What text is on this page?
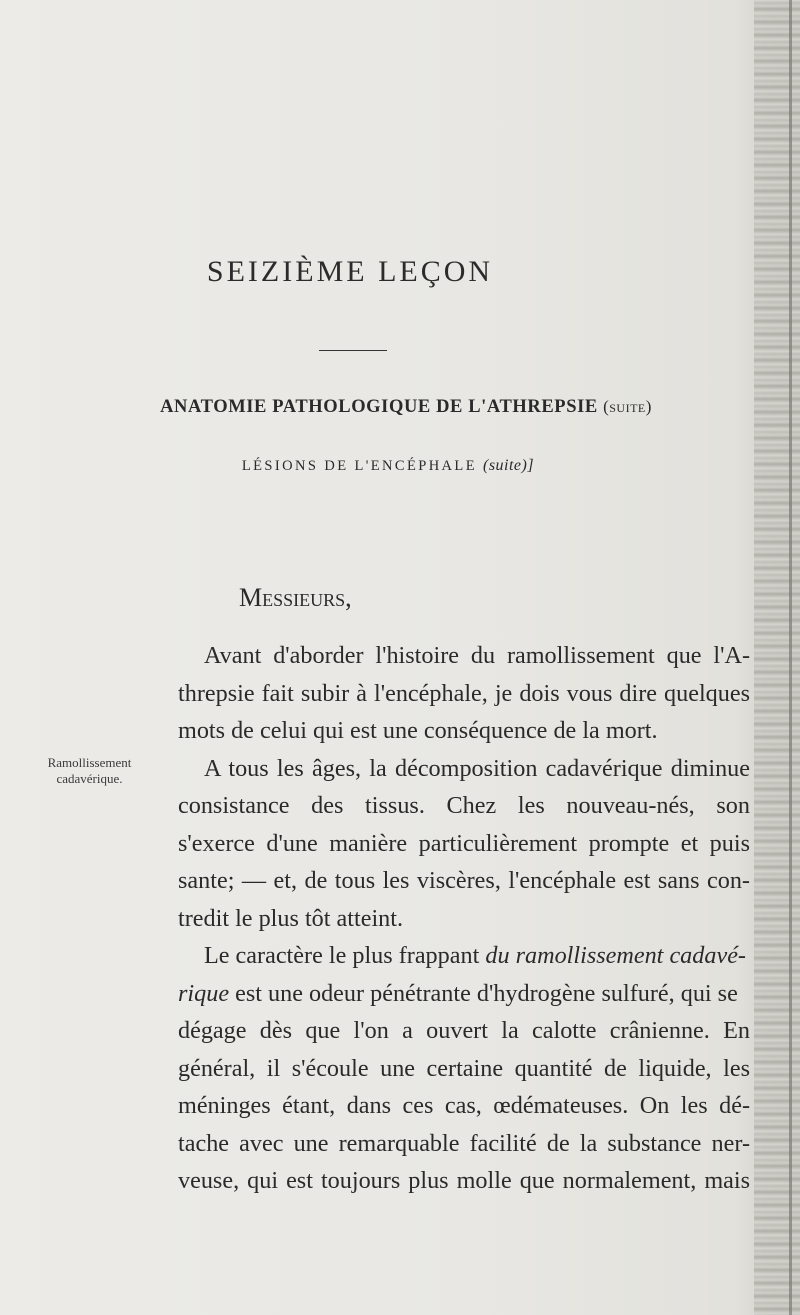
SEIZIÈME LEÇON
ANATOMIE PATHOLOGIQUE DE L'ATHREPSIE (suite)
LÉSIONS DE L'ENCÉPHALE (suite)]
Messieurs,
Ramollissement
cadavérique.
Avant d'aborder l'histoire du ramollissement que l'A-
threpsie fait subir à l'encéphale, je dois vous dire quelques
mots de celui qui est une conséquence de la mort.
A tous les âges, la décomposition cadavérique diminue
consistance des tissus. Chez les nouveau-nés, son
s'exerce d'une manière particulièrement prompte et puis
sante; — et, de tous les viscères, l'encéphale est sans con-
tredit le plus tôt atteint.
Le caractère le plus frappant du ramollissement cadavé-
rique est une odeur pénétrante d'hydrogène sulfuré, qui se
dégage dès que l'on a ouvert la calotte crânienne. En
général, il s'écoule une certaine quantité de liquide, les
méninges étant, dans ces cas, œdémateuses. On les dé-
tache avec une remarquable facilité de la substance ner-
veuse, qui est toujours plus molle que normalement, mais
